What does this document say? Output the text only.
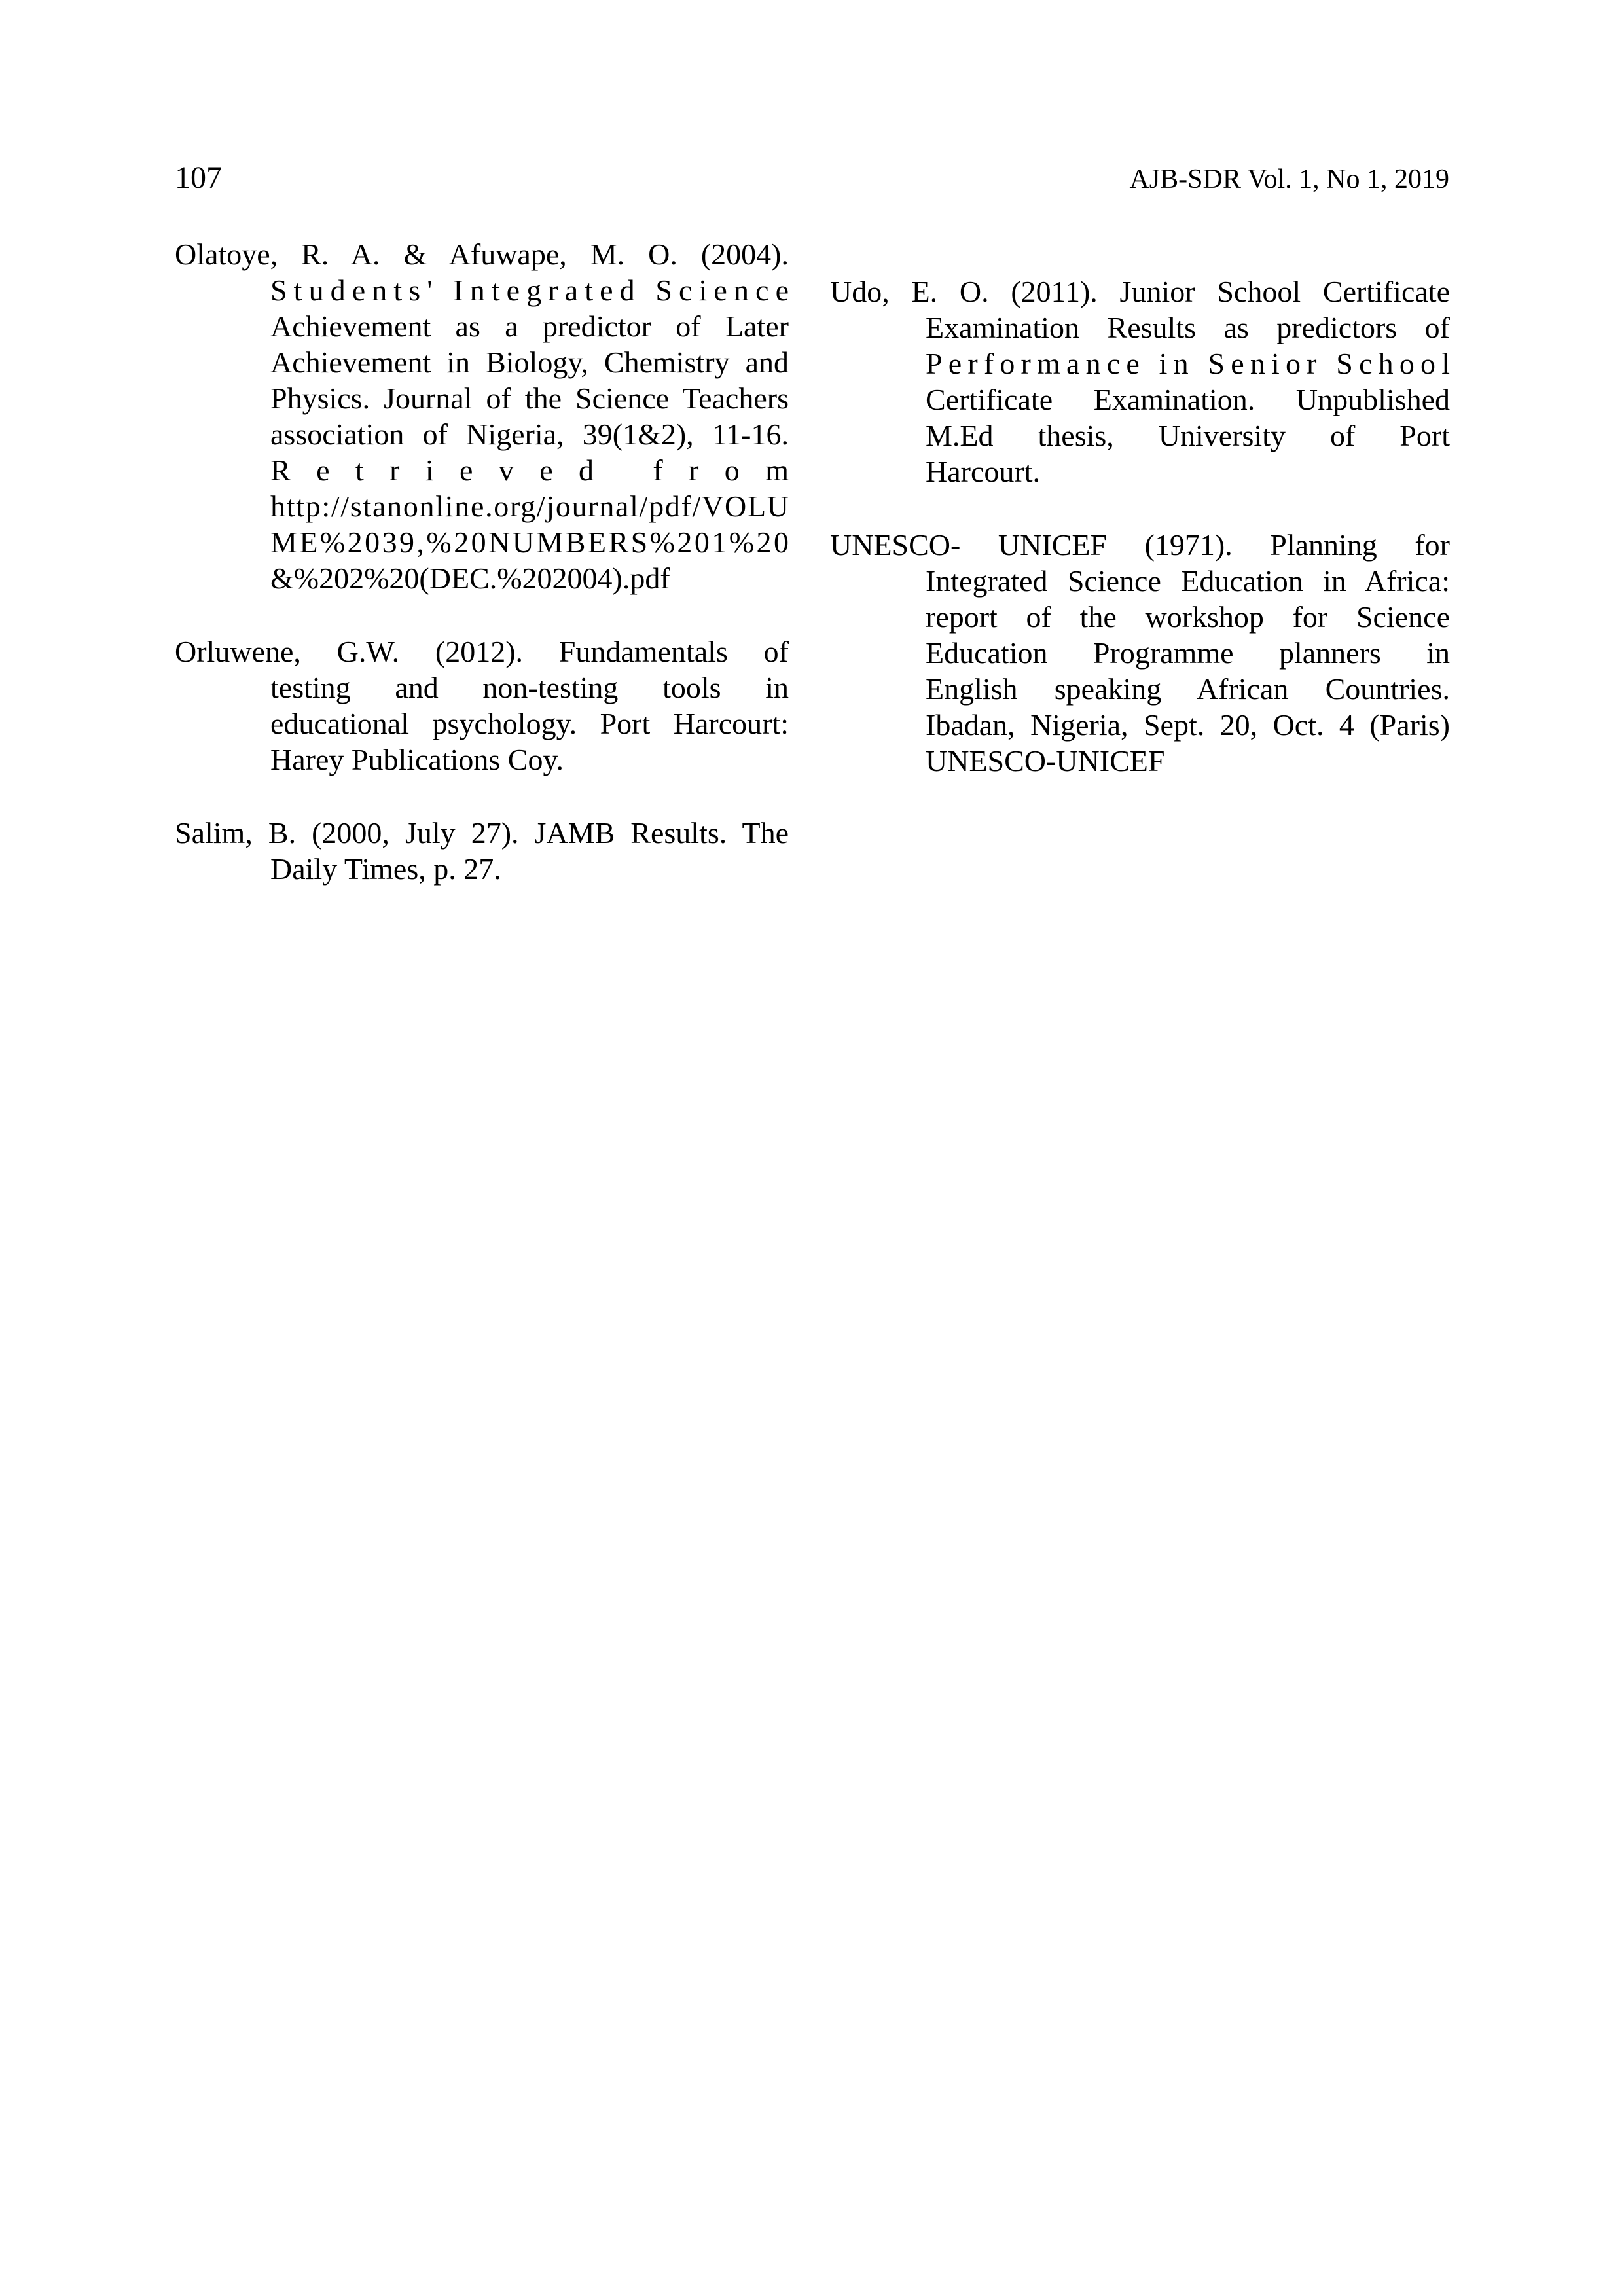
107	AJB-SDR Vol. 1, No 1, 2019
Olatoye, R. A. & Afuwape, M. O. (2004).
Students' Integrated Science
Achievement as a predictor of Later
Achievement in Biology, Chemistry and
Physics. Journal of the Science Teachers
association of Nigeria, 39(1&2), 11-16.
Retrieved from
http://stanonline.org/journal/pdf/VOLU
ME%2039,%20NUMBERS%201%20
&%202%20(DEC.%202004).pdf
Orluwene, G.W. (2012). Fundamentals of
testing and non-testing tools in
educational psychology. Port Harcourt:
Harey Publications Coy.
Salim, B. (2000, July 27). JAMB Results. The
Daily Times, p. 27.
Udo, E. O. (2011). Junior School Certificate
Examination Results as predictors of
Performance in Senior School
Certificate Examination. Unpublished
M.Ed thesis, University of Port
Harcourt.
UNESCO- UNICEF (1971). Planning for
Integrated Science Education in Africa:
report of the workshop for Science
Education Programme planners in
English speaking African Countries.
Ibadan, Nigeria, Sept. 20, Oct. 4 (Paris)
UNESCO-UNICEF
